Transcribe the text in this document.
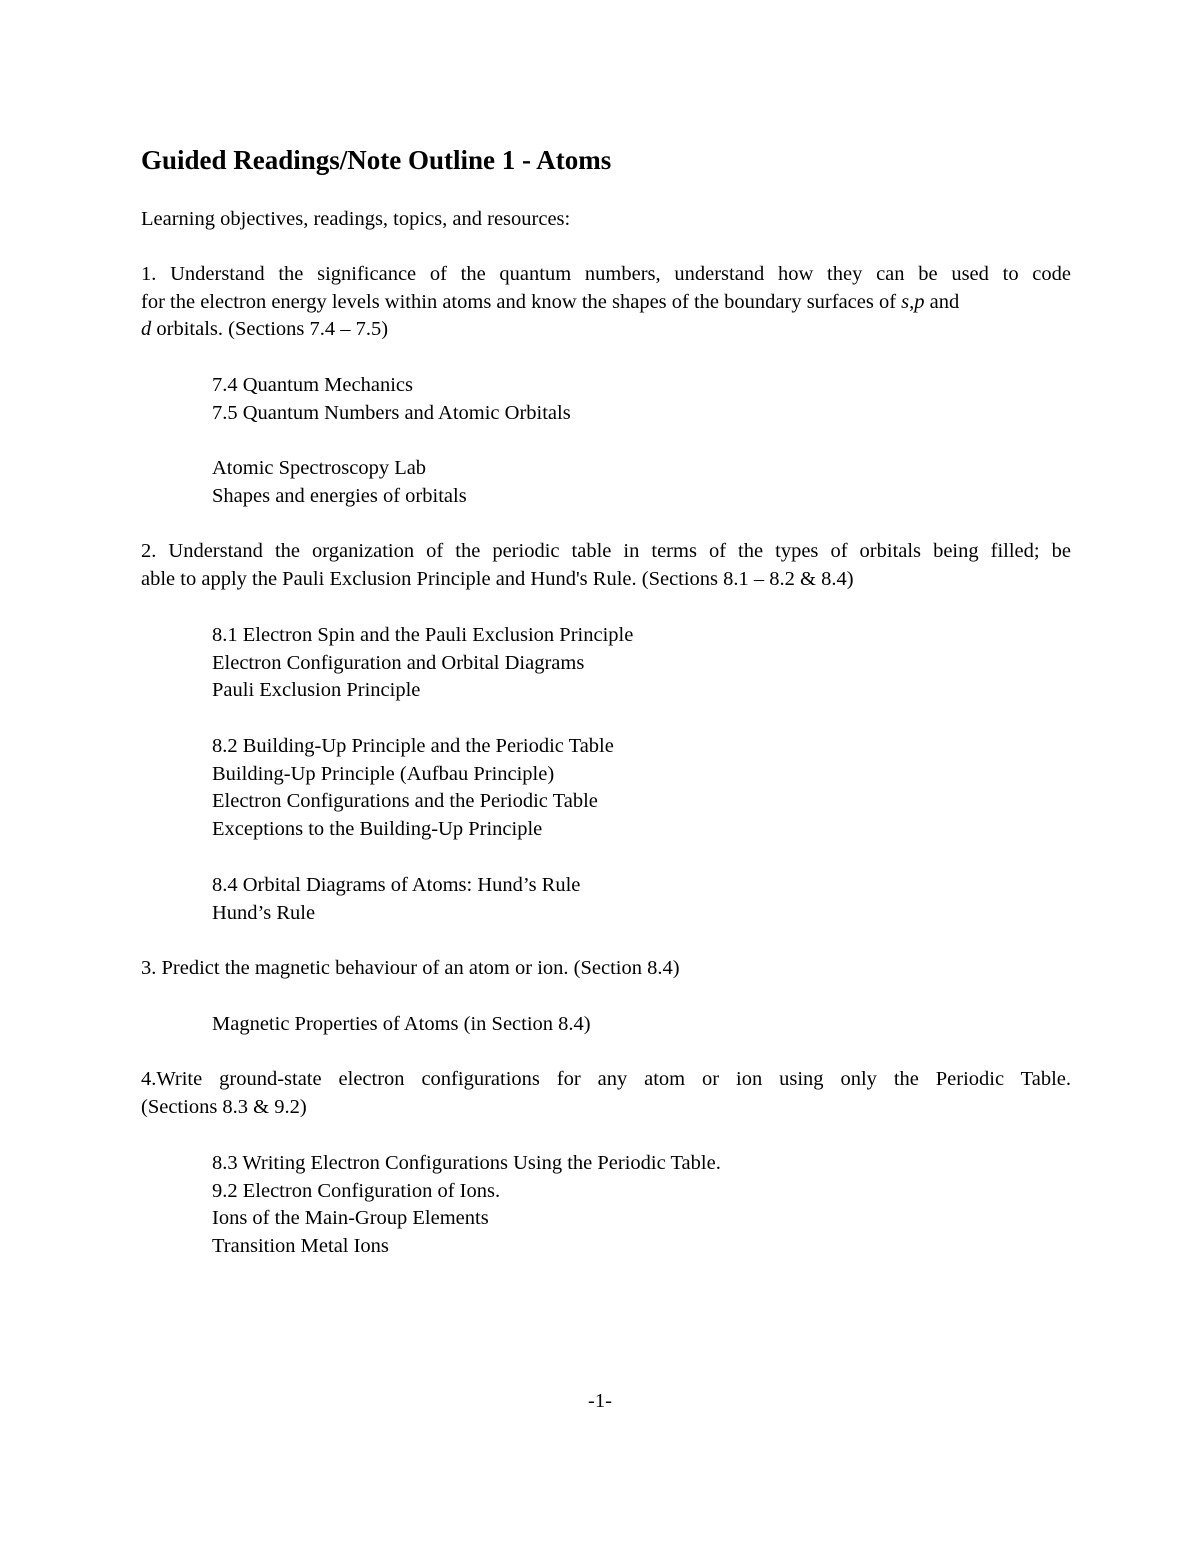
Guided Readings/Note Outline 1 - Atoms
Learning objectives, readings, topics, and resources:
1. Understand the significance of the quantum numbers, understand how they can be used to code
for the electron energy levels within atoms and know the shapes of the boundary surfaces of s,p and
d orbitals. (Sections 7.4 – 7.5)
7.4 Quantum Mechanics
7.5 Quantum Numbers and Atomic Orbitals
Atomic Spectroscopy Lab
Shapes and energies of orbitals
2. Understand the organization of the periodic table in terms of the types of orbitals being filled; be
able to apply the Pauli Exclusion Principle and Hund's Rule. (Sections 8.1 – 8.2 & 8.4)
8.1 Electron Spin and the Pauli Exclusion Principle
Electron Configuration and Orbital Diagrams
Pauli Exclusion Principle
8.2 Building-Up Principle and the Periodic Table
Building-Up Principle (Aufbau Principle)
Electron Configurations and the Periodic Table
Exceptions to the Building-Up Principle
8.4 Orbital Diagrams of Atoms: Hund’s Rule
Hund’s Rule
3. Predict the magnetic behaviour of an atom or ion. (Section 8.4)
Magnetic Properties of Atoms (in Section 8.4)
4.Write ground-state electron configurations for any atom or ion using only the Periodic Table.
(Sections 8.3 & 9.2)
8.3 Writing Electron Configurations Using the Periodic Table.
9.2 Electron Configuration of Ions.
Ions of the Main-Group Elements
Transition Metal Ions
-1-
